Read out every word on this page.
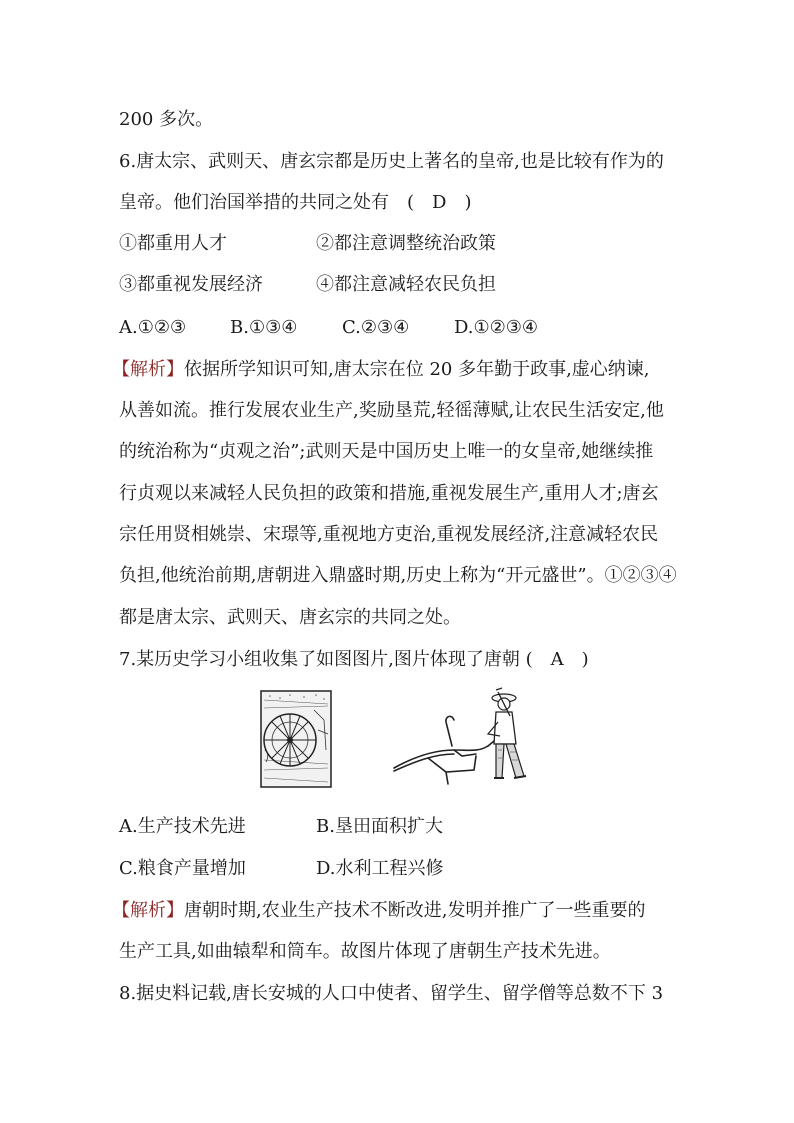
200 多次。
6.唐太宗、武则天、唐玄宗都是历史上著名的皇帝,也是比较有作为的
皇帝。他们治国举措的共同之处有　(　D　)
①都重用人才	②都注意调整统治政策
③都重视发展经济	④都注意减轻农民负担
A.①②③ B.①③④ C.②③④ D.①②③④
【解析】依据所学知识可知,唐太宗在位 20 多年勤于政事,虚心纳谏,
从善如流。推行发展农业生产,奖励垦荒,轻徭薄赋,让农民生活安定,他
的统治称为“贞观之治”;武则天是中国历史上唯一的女皇帝,她继续推
行贞观以来减轻人民负担的政策和措施,重视发展生产,重用人才;唐玄
宗任用贤相姚崇、宋璟等,重视地方吏治,重视发展经济,注意减轻农民
负担,他统治前期,唐朝进入鼎盛时期,历史上称为“开元盛世”。①②③④
都是唐太宗、武则天、唐玄宗的共同之处。
7.某历史学习小组收集了如图图片,图片体现了唐朝 (　A　)
A.生产技术先进	B.垦田面积扩大
C.粮食产量增加	D.水利工程兴修
【解析】唐朝时期,农业生产技术不断改进,发明并推广了一些重要的
生产工具,如曲辕犁和筒车。故图片体现了唐朝生产技术先进。
8.据史料记载,唐长安城的人口中使者、留学生、留学僧等总数不下 3
